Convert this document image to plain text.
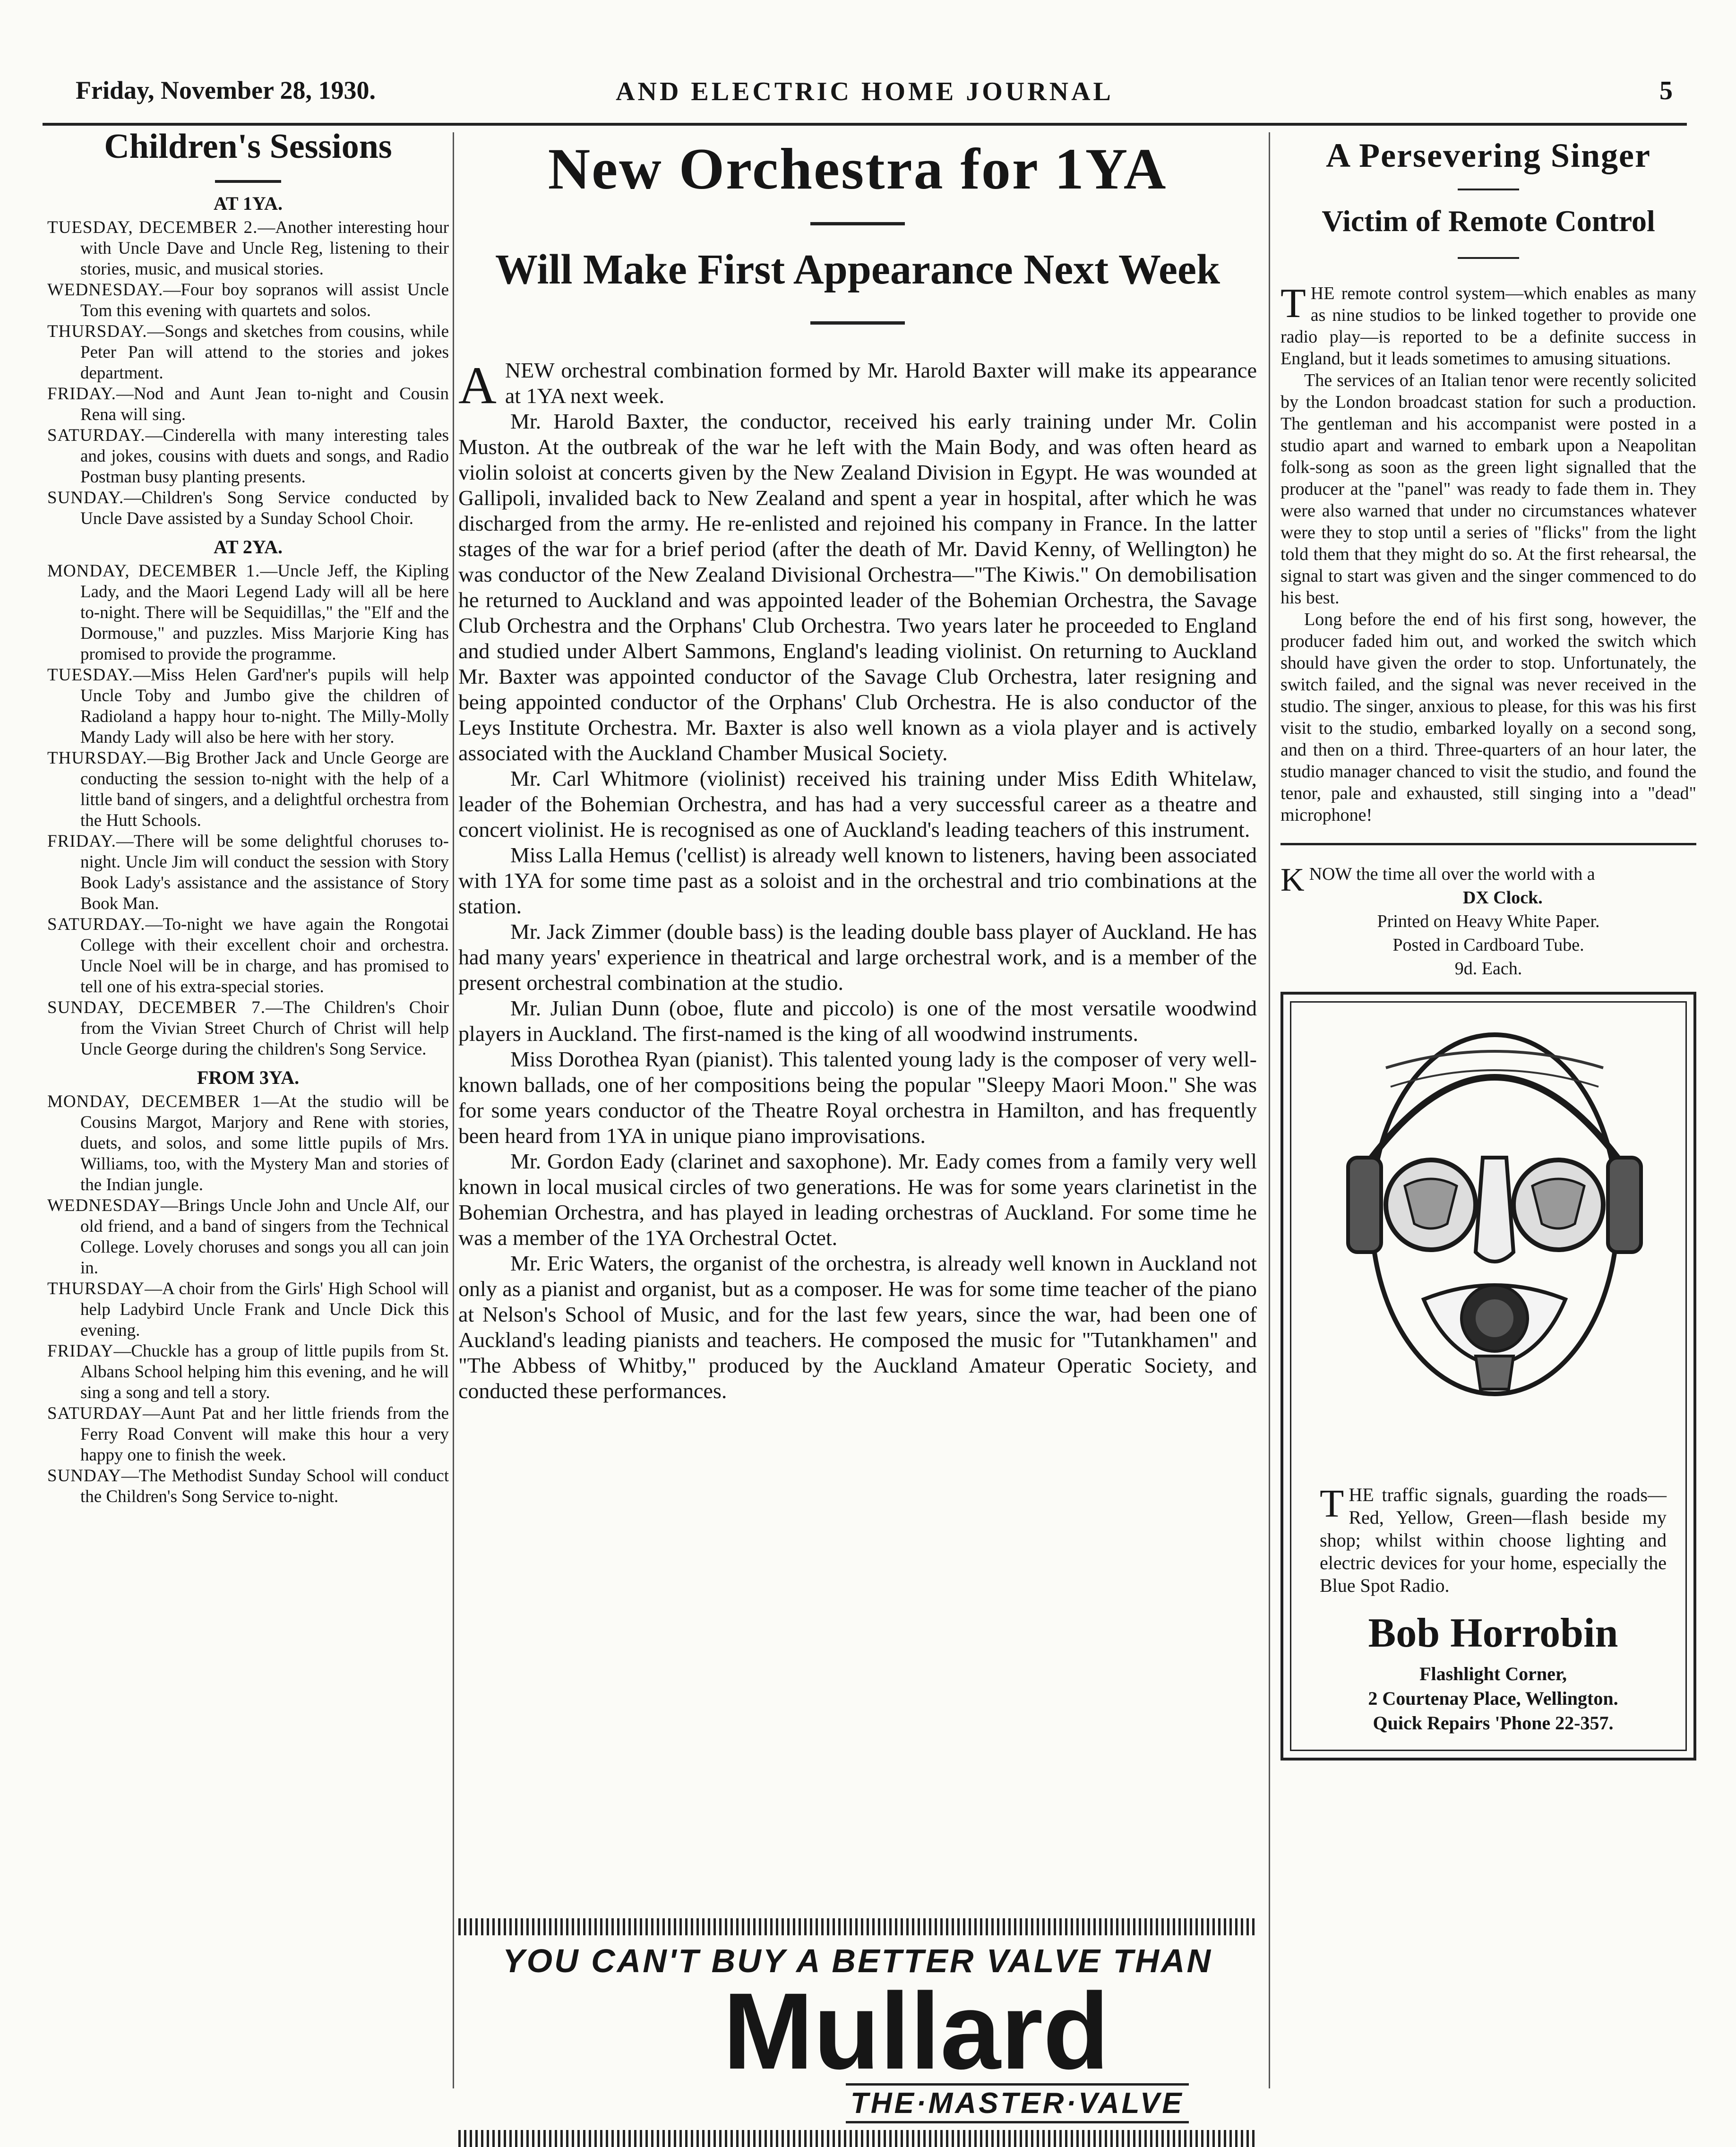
Friday, November 28, 1930.	AND ELECTRIC HOME JOURNAL	5
Children's Sessions
AT 1YA.

TUESDAY, DECEMBER 2.—Another interesting hour with Uncle Dave and Uncle Reg, listening to their stories, music, and musical stories.

WEDNESDAY.—Four boy sopranos will assist Uncle Tom this evening with quartets and solos.

THURSDAY.—Songs and sketches from cousins, while Peter Pan will attend to the stories and jokes department.

FRIDAY.—Nod and Aunt Jean to-night and Cousin Rena will sing.

SATURDAY.—Cinderella with many interesting tales and jokes, cousins with duets and songs, and Radio Postman busy planting presents.

SUNDAY.—Children's Song Service conducted by Uncle Dave assisted by a Sunday School Choir.

AT 2YA.

MONDAY, DECEMBER 1.—Uncle Jeff, the Kipling Lady, and the Maori Legend Lady will all be here to-night. There will be Sequidillas," the "Elf and the Dormouse," and puzzles. Miss Marjorie King has promised to provide the programme.

TUESDAY.—Miss Helen Gard'ner's pupils will help Uncle Toby and Jumbo give the children of Radioland a happy hour to-night. The Milly-Molly Mandy Lady will also be here with her story.

THURSDAY.—Big Brother Jack and Uncle George are conducting the session to-night with the help of a little band of singers, and a delightful orchestra from the Hutt Schools.

FRIDAY.—There will be some delightful choruses to-night. Uncle Jim will conduct the session with Story Book Lady's assistance and the assistance of Story Book Man.

SATURDAY.—To-night we have again the Rongotai College with their excellent choir and orchestra. Uncle Noel will be in charge, and has promised to tell one of his extra-special stories.

SUNDAY, DECEMBER 7.—The Children's Choir from the Vivian Street Church of Christ will help Uncle George during the children's Song Service.

FROM 3YA.

MONDAY, DECEMBER 1—At the studio will be Cousins Margot, Marjory and Rene with stories, duets, and solos, and some little pupils of Mrs. Williams, too, with the Mystery Man and stories of the Indian jungle.

WEDNESDAY—Brings Uncle John and Uncle Alf, our old friend, and a band of singers from the Technical College. Lovely choruses and songs you all can join in.

THURSDAY—A choir from the Girls' High School will help Ladybird Uncle Frank and Uncle Dick this evening.

FRIDAY—Chuckle has a group of little pupils from St. Albans School helping him this evening, and he will sing a song and tell a story.

SATURDAY—Aunt Pat and her little friends from the Ferry Road Convent will make this hour a very happy one to finish the week.

SUNDAY—The Methodist Sunday School will conduct the Children's Song Service to-night.

New Orchestra for 1YA
Will Make First Appearance Next Week

A NEW orchestral combination formed by Mr. Harold Baxter will make its appearance at 1YA next week.

Mr. Harold Baxter, the conductor, received his early training under Mr. Colin Muston. At the outbreak of the war he left with the Main Body, and was often heard as violin soloist at concerts given by the New Zealand Division in Egypt. He was wounded at Gallipoli, invalided back to New Zealand and spent a year in hospital, after which he was discharged from the army. He re-enlisted and rejoined his company in France. In the latter stages of the war for a brief period (after the death of Mr. David Kenny, of Wellington) he was conductor of the New Zealand Divisional Orchestra—"The Kiwis." On demobilisation he returned to Auckland and was appointed leader of the Bohemian Orchestra, the Savage Club Orchestra and the Orphans' Club Orchestra. Two years later he proceeded to England and studied under Albert Sammons, England's leading violinist. On returning to Auckland Mr. Baxter was appointed conductor of the Savage Club Orchestra, later resigning and being appointed conductor of the Orphans' Club Orchestra. He is also conductor of the Leys Institute Orchestra. Mr. Baxter is also well known as a viola player and is actively associated with the Auckland Chamber Musical Society.

Mr. Carl Whitmore (violinist) received his training under Miss Edith Whitelaw, leader of the Bohemian Orchestra, and has had a very successful career as a theatre and concert violinist. He is recognised as one of Auckland's leading teachers of this instrument.

Miss Lalla Hemus ('cellist) is already well known to listeners, having been associated with 1YA for some time past as a soloist and in the orchestral and trio combinations at the station.

Mr. Jack Zimmer (double bass) is the leading double bass player of Auckland. He has had many years' experience in theatrical and large orchestral work, and is a member of the present orchestral combination at the studio.

Mr. Julian Dunn (oboe, flute and piccolo) is one of the most versatile woodwind players in Auckland. The first-named is the king of all woodwind instruments.

Miss Dorothea Ryan (pianist). This talented young lady is the composer of very well-known ballads, one of her compositions being the popular "Sleepy Maori Moon." She was for some years conductor of the Theatre Royal orchestra in Hamilton, and has frequently been heard from 1YA in unique piano improvisations.

Mr. Gordon Eady (clarinet and saxophone). Mr. Eady comes from a family very well known in local musical circles of two generations. He was for some years clarinetist in the Bohemian Orchestra, and has played in leading orchestras of Auckland. For some time he was a member of the 1YA Orchestral Octet.

Mr. Eric Waters, the organist of the orchestra, is already well known in Auckland not only as a pianist and organist, but as a composer. He was for some time teacher of the piano at Nelson's School of Music, and for the last few years, since the war, had been one of Auckland's leading pianists and teachers. He composed the music for "Tutankhamen" and "The Abbess of Whitby," produced by the Auckland Amateur Operatic Society, and conducted these performances.

YOU CAN'T BUY A BETTER VALVE THAN

Mullard

THE·MASTER·VALVE
A Persevering Singer
Victim of Remote Control

T HE remote control system—which enables as many as nine studios to be linked together to provide one radio play—is reported to be a definite success in England, but it leads sometimes to amusing situations.

The services of an Italian tenor were recently solicited by the London broadcast station for such a production. The gentleman and his accompanist were posted in a studio apart and warned to embark upon a Neapolitan folk-song as soon as the green light signalled that the producer at the "panel" was ready to fade them in. They were also warned that under no circumstances whatever were they to stop until a series of "flicks" from the light told them that they might do so. At the first rehearsal, the signal to start was given and the singer commenced to do his best.

Long before the end of his first song, however, the producer faded him out, and worked the switch which should have given the order to stop. Unfortunately, the switch failed, and the signal was never received in the studio. The singer, anxious to please, for this was his first visit to the studio, embarked loyally on a second song, and then on a third. Three-quarters of an hour later, the studio manager chanced to visit the studio, and found the tenor, pale and exhausted, still singing into a "dead" microphone!

K NOW the time all over the world with a

DX Clock.

Printed on Heavy White Paper.

Posted in Cardboard Tube.

9d. Each.

T HE traffic signals, guarding the roads—Red, Yellow, Green—flash beside my shop; whilst within choose lighting and electric devices for your home, especially the Blue Spot Radio.

Bob Horrobin

Flashlight Corner,

2 Courtenay Place, Wellington.

Quick Repairs 'Phone 22-357.
